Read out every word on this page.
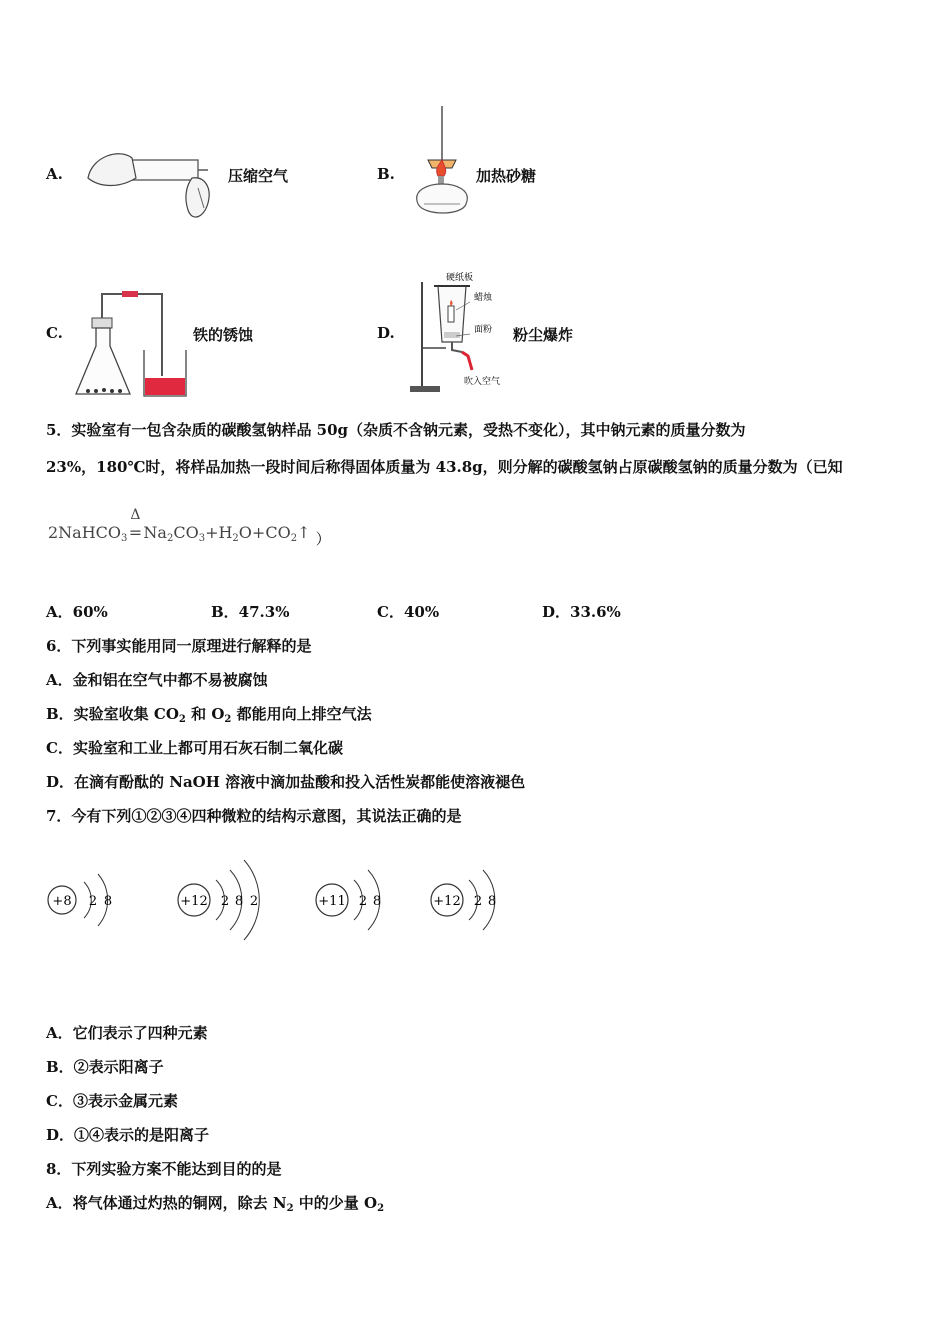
A.	压缩空气	B.	加热砂糖
C.	铁的锈蚀	D.
硬纸板
蜡烛
面粉
吹入空气
粉尘爆炸
5．实验室有一包含杂质的碳酸氢钠样品 50g（杂质不含钠元素，受热不变化），其中钠元素的质量分数为
23%，180℃时，将样品加热一段时间后称得固体质量为 43.8g，则分解的碳酸氢钠占原碳酸氢钠的质量分数为（已知
2NaHCO$_3$
Δ
$=Na_2CO_3+H_2O+CO_2↑$ ）
A．60%	B．47.3%	C．40%	D．33.6%
6．下列事实能用同一原理进行解释的是
A．金和铝在空气中都不易被腐蚀
B．实验室收集 $CO_2$ 和 $O_2$ 都能用向上排空气法
C．实验室和工业上都可用石灰石制二氧化碳
D．在滴有酚酞的 NaOH 溶液中滴加盐酸和投入活性炭都能使溶液褪色
7．今有下列①②③④四种微粒的结构示意图，其说法正确的是
+8 2 8	+12 2 8 2	+11 2 8	+12 2 8
A．它们表示了四种元素
B．②表示阳离子
C．③表示金属元素
D．①④表示的是阳离子
8．下列实验方案不能达到目的的是
A．将气体通过灼热的铜网，除去 $N_2$ 中的少量 $O_2$
